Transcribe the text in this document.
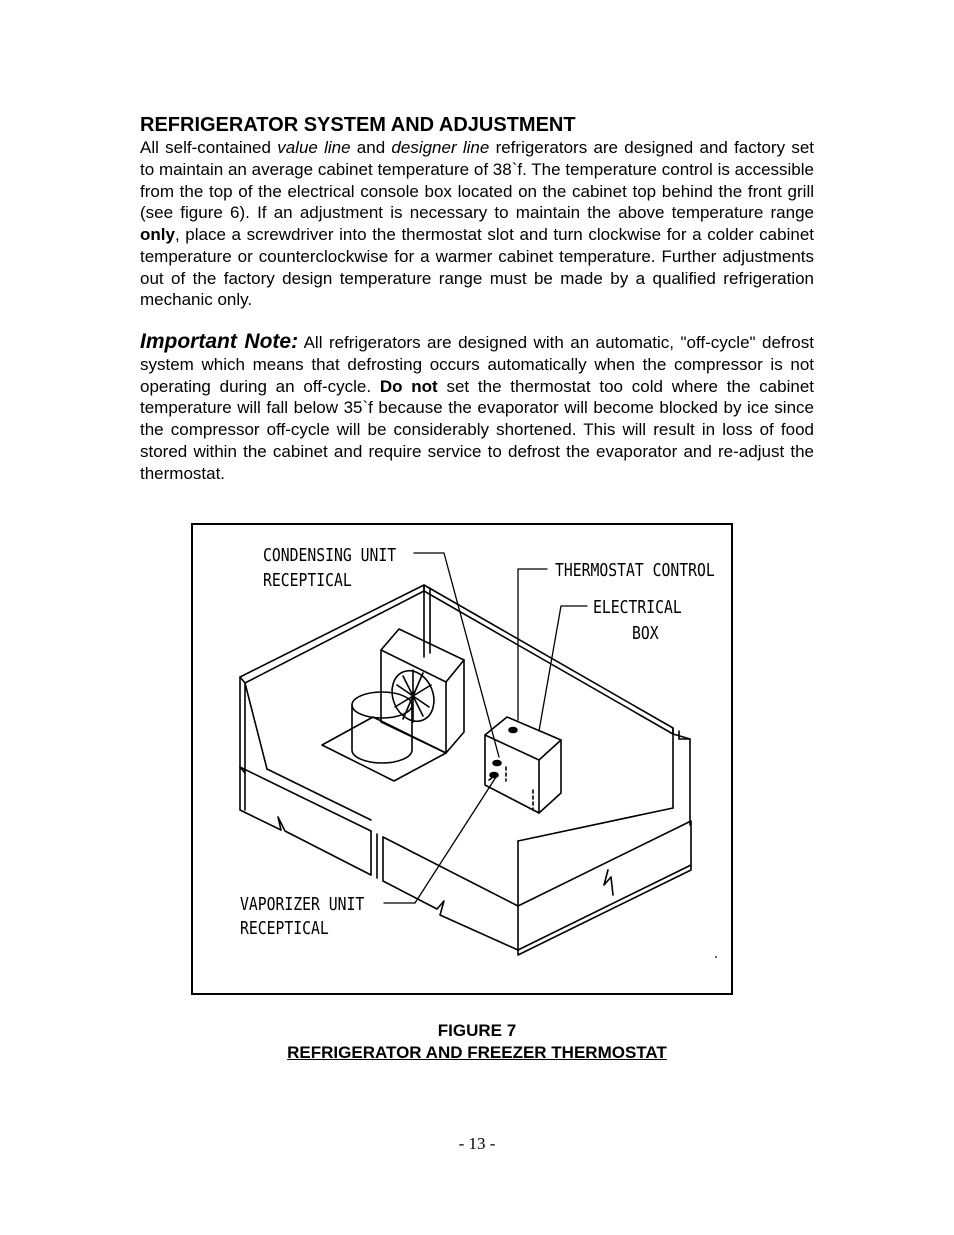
REFRIGERATOR SYSTEM AND ADJUSTMENT
All self-contained value line and designer line refrigerators are designed and factory set to maintain an average cabinet temperature of 38`f. The temperature control is accessible from the top of the electrical console box located on the cabinet top behind the front grill (see figure 6). If an adjustment is necessary to maintain the above temperature range only, place a screwdriver into the thermostat slot and turn clockwise for a colder cabinet temperature or counterclockwise for a warmer cabinet temperature. Further adjustments out of the factory design temperature range must be made by a qualified refrigeration mechanic only.
Important Note: All refrigerators are designed with an automatic, "off-cycle" defrost system which means that defrosting occurs automatically when the compressor is not operating during an off-cycle. Do not set the thermostat too cold where the cabinet temperature will fall below 35`f because the evaporator will become blocked by ice since the compressor off-cycle will be considerably shortened. This will result in loss of food stored within the cabinet and require service to defrost the evaporator and re-adjust the thermostat.
CONDENSING UNIT
RECEPTICAL	THERMOSTAT CONTROL
ELECTRICAL
BOX
VAPORIZER UNIT
RECEPTICAL
FIGURE 7
REFRIGERATOR AND FREEZER THERMOSTAT
- 13 -
